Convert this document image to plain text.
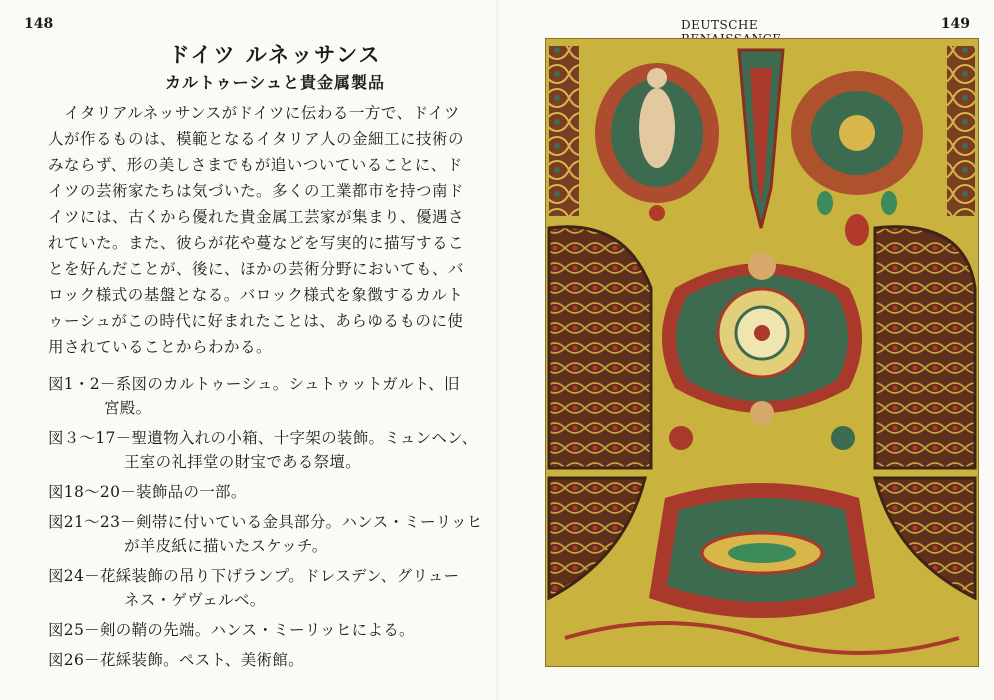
148	149
DEUTSCHE
ドイツ ルネッサンス
カルトゥーシュと貴金属製品
イタリアルネッサンスがドイツに伝わる一方で、ドイツ
人が作るものは、模範となるイタリア人の金細工に技術の
みならず、形の美しさまでもが追いついていることに、ド
イツの芸術家たちは気づいた。多くの工業都市を持つ南ド
イツには、古くから優れた貴金属工芸家が集まり、優遇さ
れていた。また、彼らが花や蔓などを写実的に描写するこ
とを好んだことが、後に、ほかの芸術分野においても、バ
ロック様式の基盤となる。バロック様式を象徴するカルト
ゥーシュがこの時代に好まれたことは、あらゆるものに使
用されていることからわかる。
図1・2－系図のカルトゥーシュ。シュトゥットガルト、旧
宮殿。
図３～17－聖遺物入れの小箱、十字架の装飾。ミュンヘン、
王室の礼拝堂の財宝である祭壇。
図18～20－装飾品の一部。
図21～23－剣帯に付いている金具部分。ハンス・ミーリッヒ
が羊皮紙に描いたスケッチ。
図24－花綵装飾の吊り下げランプ。ドレスデン、グリュー
ネス・ゲヴェルベ。
図25－剣の鞘の先端。ハンス・ミーリッヒによる。
図26－花綵装飾。ペスト、美術館。
